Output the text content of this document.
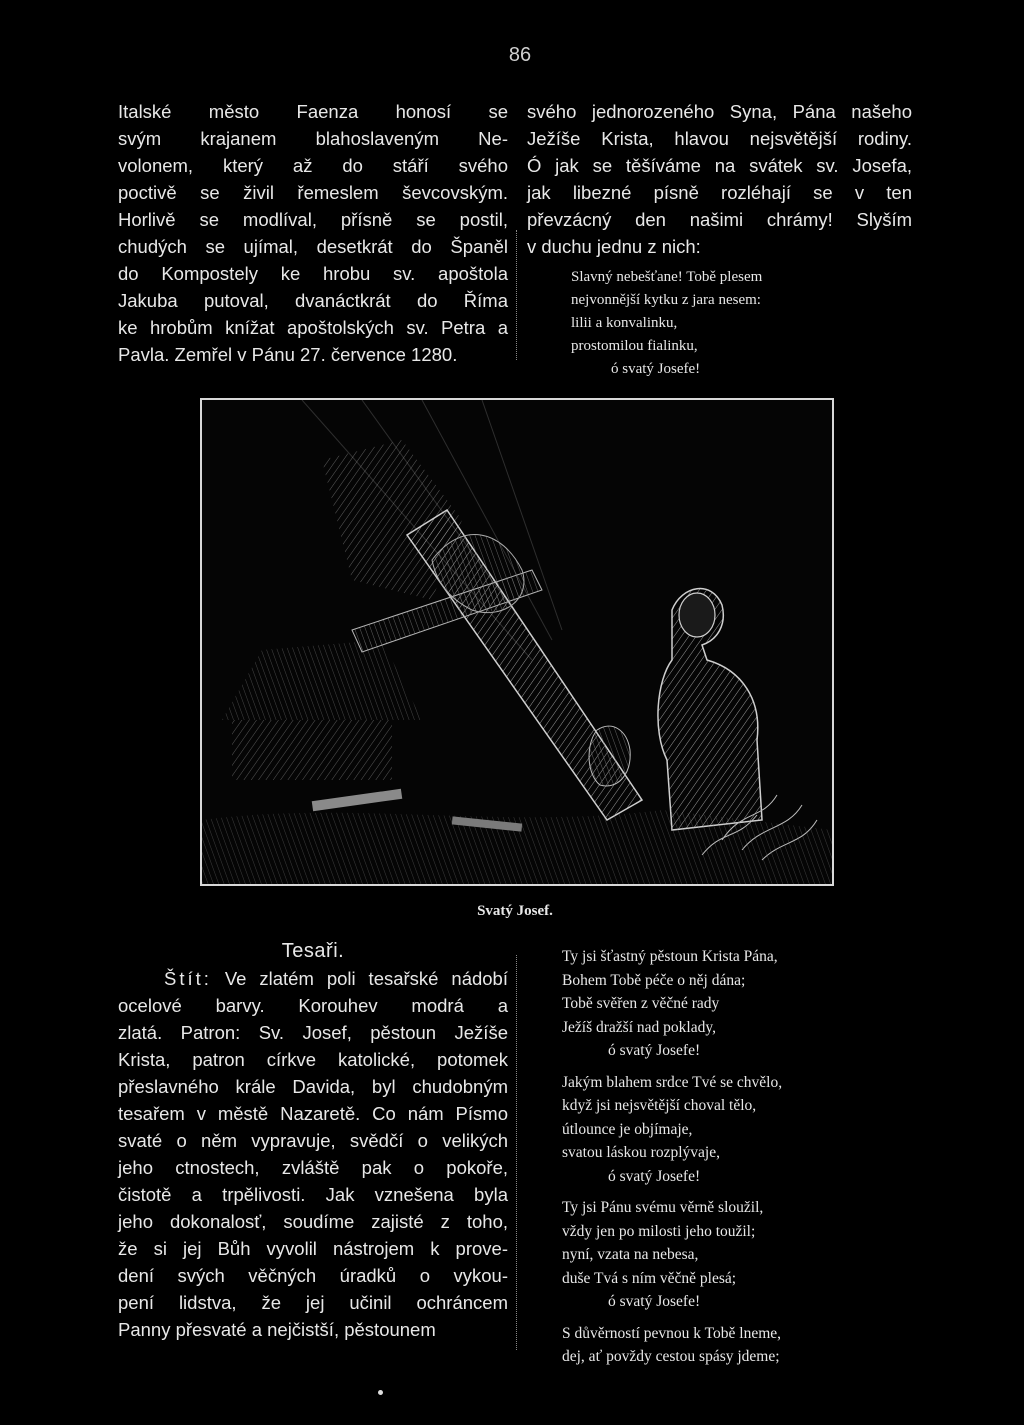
86

Italské město Faenza honosí se
svým krajanem blahoslaveným Ne-
volonem, který až do stáří svého
poctivě se živil řemeslem ševcovským.
Horlivě se modlíval, přísně se postil,
chudých se ujímal, desetkrát do Španěl
do Kompostely ke hrobu sv. apoštola
Jakuba putoval, dvanáctkrát do Říma
ke hrobům knížat apoštolských sv. Petra a
Pavla. Zemřel v Pánu 27. července 1280.

svého jednorozeného Syna, Pána našeho
Ježíše Krista, hlavou nejsvětější rodiny.
Ó jak se těšíváme na svátek sv. Josefa,
jak libezné písně rozléhají se v ten
převzácný den našimi chrámy! Slyším
v duchu jednu z nich:

Slavný nebešťane! Tobě plesem
nejvonnější kytku z jara nesem:
lilii a konvalinku,
prostomilou fialinku,
ó svatý Josefe!
Svatý Josef.
Tesaři.

Štít: Ve zlatém poli tesařské nádobí

ocelové barvy. Korouhev modrá a
zlatá. Patron: Sv. Josef, pěstoun Ježíše
Krista, patron církve katolické, potomek
přeslavného krále Davida, byl chudobným
tesařem v městě Nazaretě. Co nám Písmo
svaté o něm vypravuje, svědčí o velikých
jeho ctnostech, zvláště pak o pokoře,
čistotě a trpělivosti. Jak vznešena byla
jeho dokonalosť, soudíme zajisté z toho,
že si jej Bůh vyvolil nástrojem k prove-
dení svých věčných úradků o vykou-
pení lidstva, že jej učinil ochráncem
Panny přesvaté a nejčistší, pěstounem

Ty jsi šťastný pěstoun Krista Pána,
Bohem Tobě péče o něj dána;
Tobě svěřen z věčné rady
Ježíš dražší nad poklady,
ó svatý Josefe!
Jakým blahem srdce Tvé se chvělo,
když jsi nejsvětější choval tělo,
útlounce je objímaje,
svatou láskou rozplývaje,
ó svatý Josefe!
Ty jsi Pánu svému věrně sloužil,
vždy jen po milosti jeho toužil;
nyní, vzata na nebesa,
duše Tvá s ním věčně plesá;
ó svatý Josefe!
S důvěrností pevnou k Tobě lneme,
dej, ať povždy cestou spásy jdeme;
